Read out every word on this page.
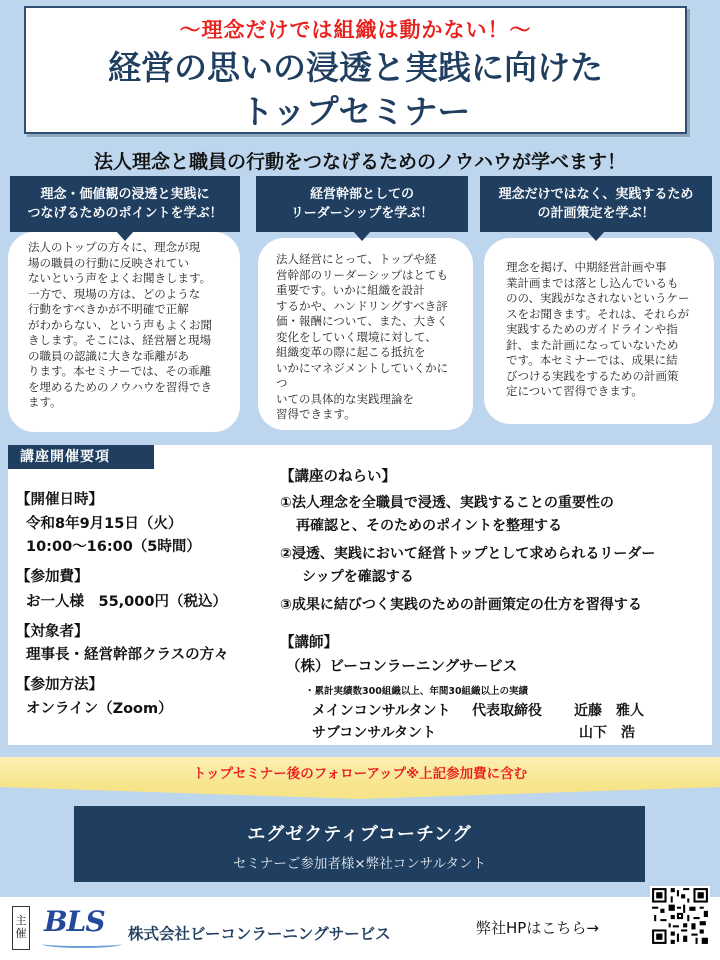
～理念だけでは組織は動かない！～
経営の思いの浸透と実践に向けた
トップセミナー
法人理念と職員の行動をつなげるためのノウハウが学べます！
理念・価値観の浸透と実践に
つなげるためのポイントを学ぶ！
経営幹部としての
リーダーシップを学ぶ！
理念だけではなく、実践するため
の計画策定を学ぶ！
法人のトップの方々に、理念が現
場の職員の行動に反映されてい
ないという声をよくお聞きします。
一方で、現場の方は、どのような
行動をすべきかが不明確で正解
がわからない、という声もよくお聞
きします。そこには、経営層と現場
の職員の認識に大きな乖離があ
ります。本セミナーでは、その乖離
を埋めるためのノウハウを習得でき
ます。
法人経営にとって、トップや経
営幹部のリーダーシップはとても
重要です。いかに組織を設計
するかや、ハンドリングすべき評
価・報酬について、また、大きく
変化をしていく環境に対して、
組織変革の際に起こる抵抗を
いかにマネジメントしていくかにつ
いての具体的な実践理論を
習得できます。
理念を掲げ、中期経営計画や事
業計画までは落とし込んでいるも
のの、実践がなされないというケー
スをお聞きます。それは、それらが
実践するためのガイドラインや指
針、また計画になっていないため
です。本セミナーでは、成果に結
びつける実践をするための計画策
定について習得できます。
講座開催要項
【開催日時】
令和8年9月15日（火）
10:00～16:00（5時間）
【参加費】
お一人様　55,000円（税込）
【対象者】
理事長・経営幹部クラスの方々
【参加方法】
オンライン（Zoom）
【講座のねらい】
①法人理念を全職員で浸透、実践することの重要性の
再確認と、そのためのポイントを整理する
②浸透、実践において経営トップとして求められるリーダー
シップを確認する
③成果に結びつく実践のための計画策定の仕方を習得する
【講師】
（株）ビーコンラーニングサービス
・累計実績数300組織以上、年間30組織以上の実績
メインコンサルタント 代表取締役 近藤　雅人
サブコンサルタント	山下　浩
トップセミナー後のフォローアップ※上記参加費に含む
エグゼクティブコーチング
セミナーご参加者様×弊社コンサルタント
主催 BLS 株式会社ビーコンラーニングサービス	弊社HPはこちら→
